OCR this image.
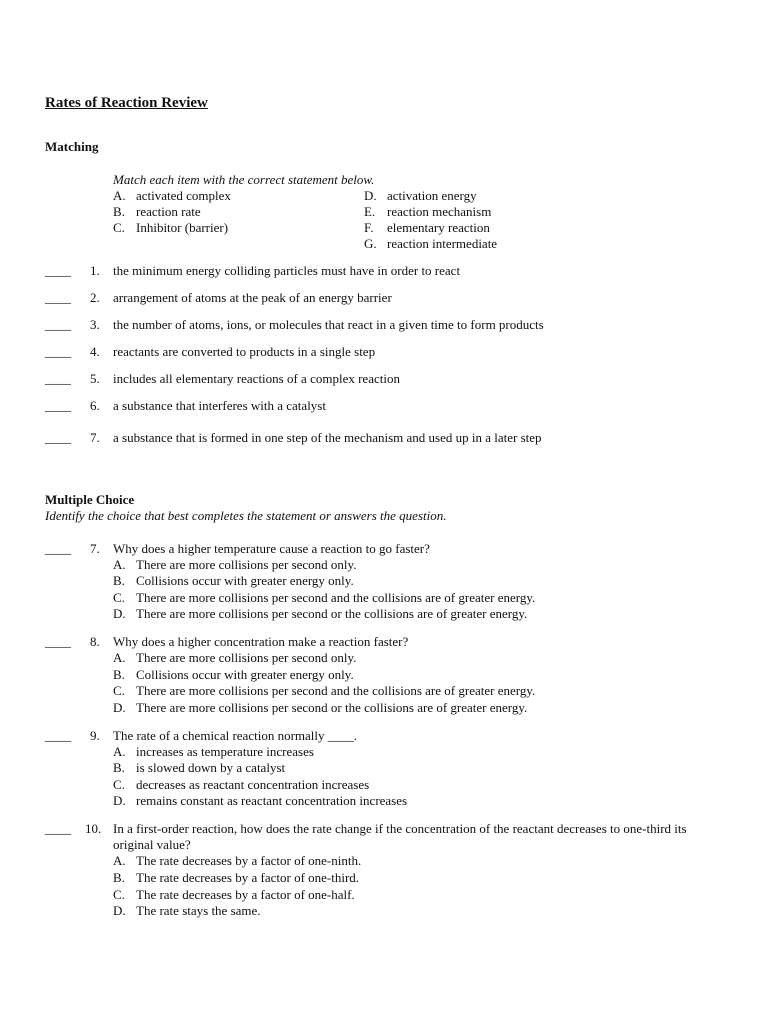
Rates of Reaction Review
Matching
Match each item with the correct statement below.
A. activated complex
B. reaction rate
C. Inhibitor (barrier)
D. activation energy
E. reaction mechanism
F. elementary reaction
G. reaction intermediate
____ 1. the minimum energy colliding particles must have in order to react
____ 2. arrangement of atoms at the peak of an energy barrier
____ 3. the number of atoms, ions, or molecules that react in a given time to form products
____ 4. reactants are converted to products in a single step
____ 5. includes all elementary reactions of a complex reaction
____ 6. a substance that interferes with a catalyst
____ 7. a substance that is formed in one step of the mechanism and used up in a later step
Multiple Choice
Identify the choice that best completes the statement or answers the question.
____ 7. Why does a higher temperature cause a reaction to go faster?
A. There are more collisions per second only.
B. Collisions occur with greater energy only.
C. There are more collisions per second and the collisions are of greater energy.
D. There are more collisions per second or the collisions are of greater energy.
____ 8. Why does a higher concentration make a reaction faster?
A. There are more collisions per second only.
B. Collisions occur with greater energy only.
C. There are more collisions per second and the collisions are of greater energy.
D. There are more collisions per second or the collisions are of greater energy.
____ 9. The rate of a chemical reaction normally ____.
A. increases as temperature increases
B. is slowed down by a catalyst
C. decreases as reactant concentration increases
D. remains constant as reactant concentration increases
____ 10. In a first-order reaction, how does the rate change if the concentration of the reactant decreases to one-third its
original value?
A. The rate decreases by a factor of one-ninth.
B. The rate decreases by a factor of one-third.
C. The rate decreases by a factor of one-half.
D. The rate stays the same.
